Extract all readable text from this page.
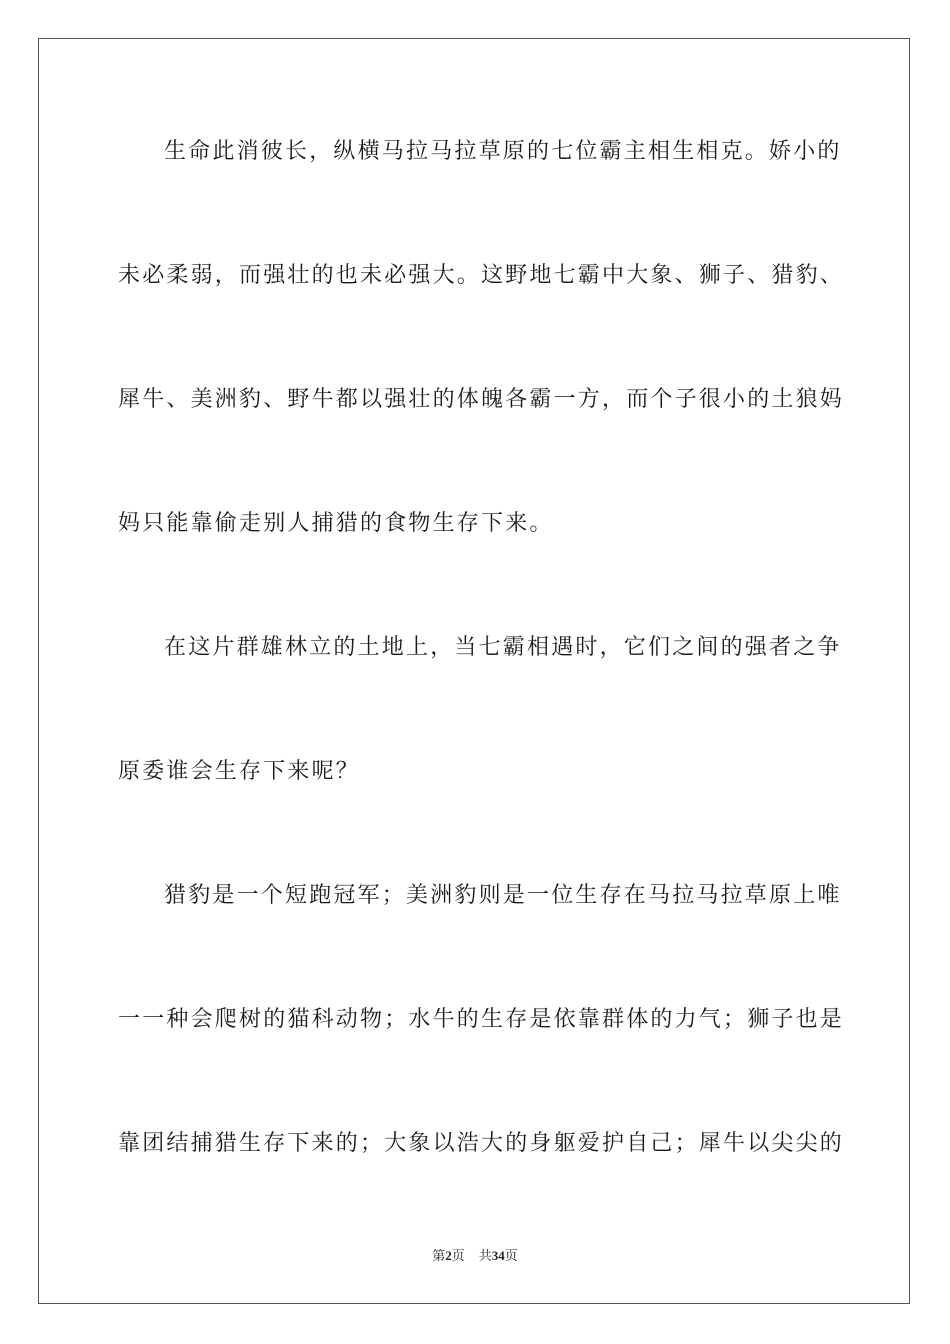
生命此消彼长，纵横马拉马拉草原的七位霸主相生相克。娇小的
未必柔弱，而强壮的也未必强大。这野地七霸中大象、狮子、猎豹、
犀牛、美洲豹、野牛都以强壮的体魄各霸一方，而个子很小的土狼妈
妈只能靠偷走别人捕猎的食物生存下来。
在这片群雄林立的土地上，当七霸相遇时，它们之间的强者之争
原委谁会生存下来呢？
猎豹是一个短跑冠军；美洲豹则是一位生存在马拉马拉草原上唯
一一种会爬树的猫科动物；水牛的生存是依靠群体的力气；狮子也是
靠团结捕猎生存下来的；大象以浩大的身躯爱护自己；犀牛以尖尖的
第2页 共34页
